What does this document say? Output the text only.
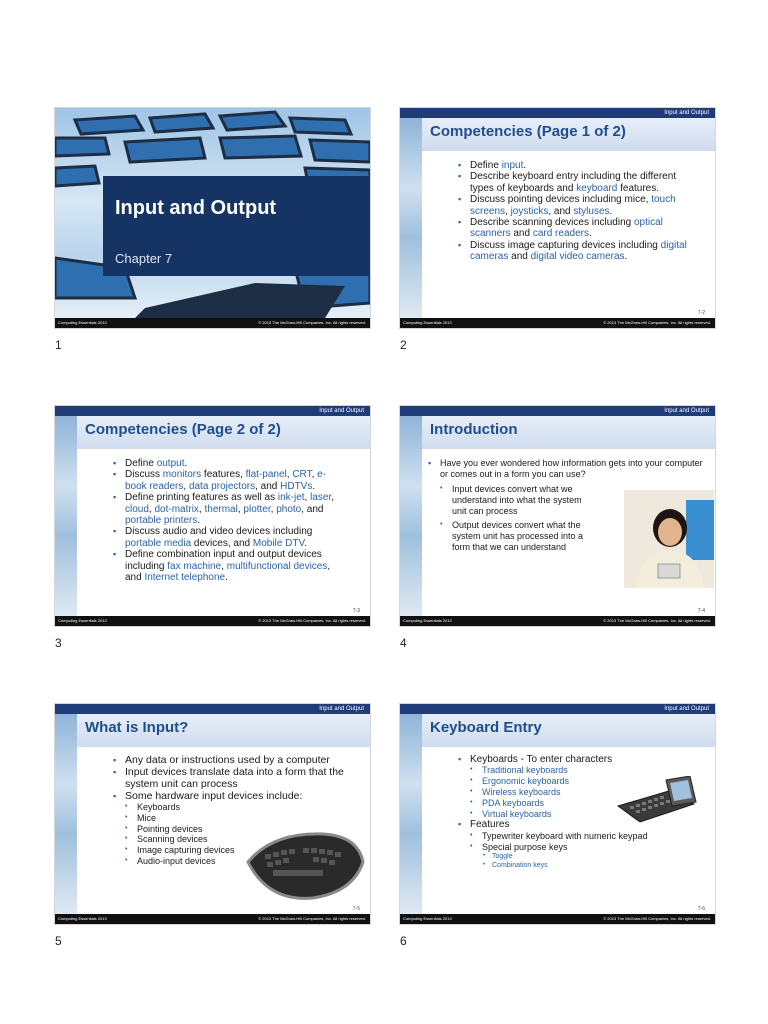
Input and Output
Chapter 7
Computing Essentials 2013	© 2013 The McGraw-Hill Companies, Inc. All rights reserved.
1
Input and Output
Competencies (Page 1 of 2)
▪ Define input.
▪ Describe keyboard entry including the different types of keyboards and keyboard features.
▪ Discuss pointing devices including mice, touch screens, joysticks, and styluses.
▪ Describe scanning devices including optical scanners and card readers.
▪ Discuss image capturing devices including digital cameras and digital video cameras.
7-2
Computing Essentials 2013	© 2013 The McGraw-Hill Companies, Inc. All rights reserved.
2
Input and Output
Competencies (Page 2 of 2)
▪ Define output.
▪ Discuss monitors features, flat-panel, CRT, e-book readers, data projectors, and HDTVs.
▪ Define printing features as well as ink-jet, laser, cloud, dot-matrix, thermal, plotter, photo, and portable printers.
▪ Discuss audio and video devices including portable media devices, and Mobile DTV.
▪ Define combination input and output devices including fax machine, multifunctional devices, and Internet telephone.
7-3
Computing Essentials 2013	© 2013 The McGraw-Hill Companies, Inc. All rights reserved.
3
Input and Output
Introduction
▪ Have you ever wondered how information gets into your computer or comes out in a form you can use?
• Input devices convert what we understand into what the system unit can process
• Output devices convert what the system unit has processed into a form that we can understand
7-4
Computing Essentials 2013	© 2013 The McGraw-Hill Companies, Inc. All rights reserved.
4
Input and Output
What is Input?
▪ Any data or instructions used by a computer
▪ Input devices translate data into a form that the system unit can process
▪ Some hardware input devices include:
• Keyboards
• Mice
• Pointing devices
• Scanning devices
• Image capturing devices
• Audio-input devices
7-5
Computing Essentials 2013	© 2013 The McGraw-Hill Companies, Inc. All rights reserved.
5
Input and Output
Keyboard Entry
▪ Keyboards - To enter characters
• Traditional keyboards
• Ergonomic keyboards
• Wireless keyboards
• PDA keyboards
• Virtual keyboards
▪ Features
• Typewriter keyboard with numeric keypad
• Special purpose keys
• Toggle
• Combination keys
7-6
Computing Essentials 2013	© 2013 The McGraw-Hill Companies, Inc. All rights reserved.
6
